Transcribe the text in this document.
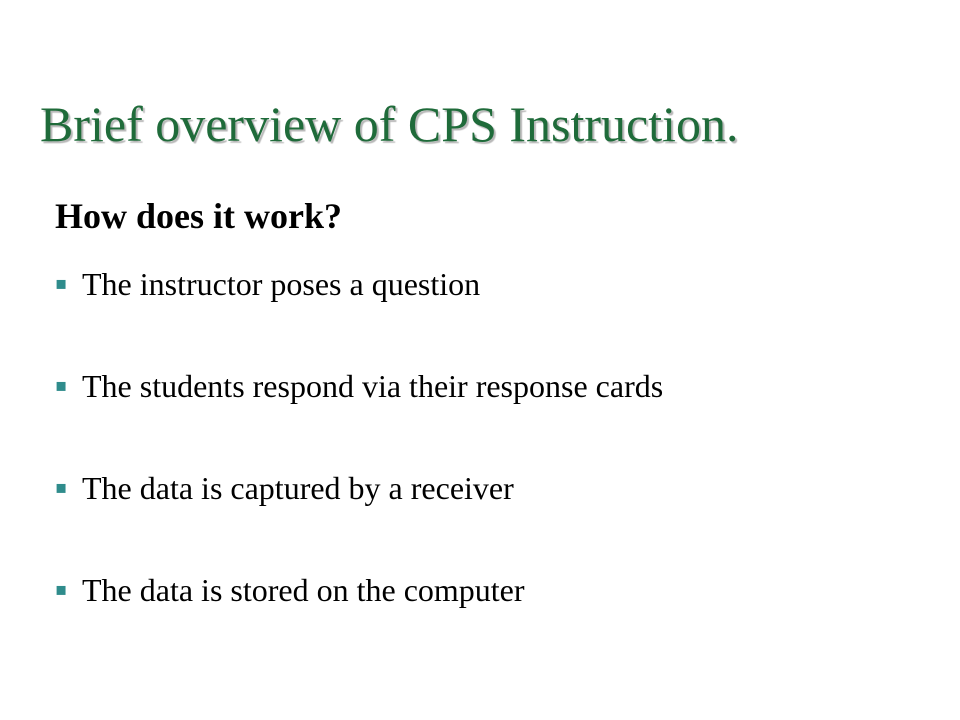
Brief overview of CPS Instruction.
How does it work?
▪ The instructor poses a question
▪ The students respond via their response cards
▪ The data is captured by a receiver
▪ The data is stored on the computer
